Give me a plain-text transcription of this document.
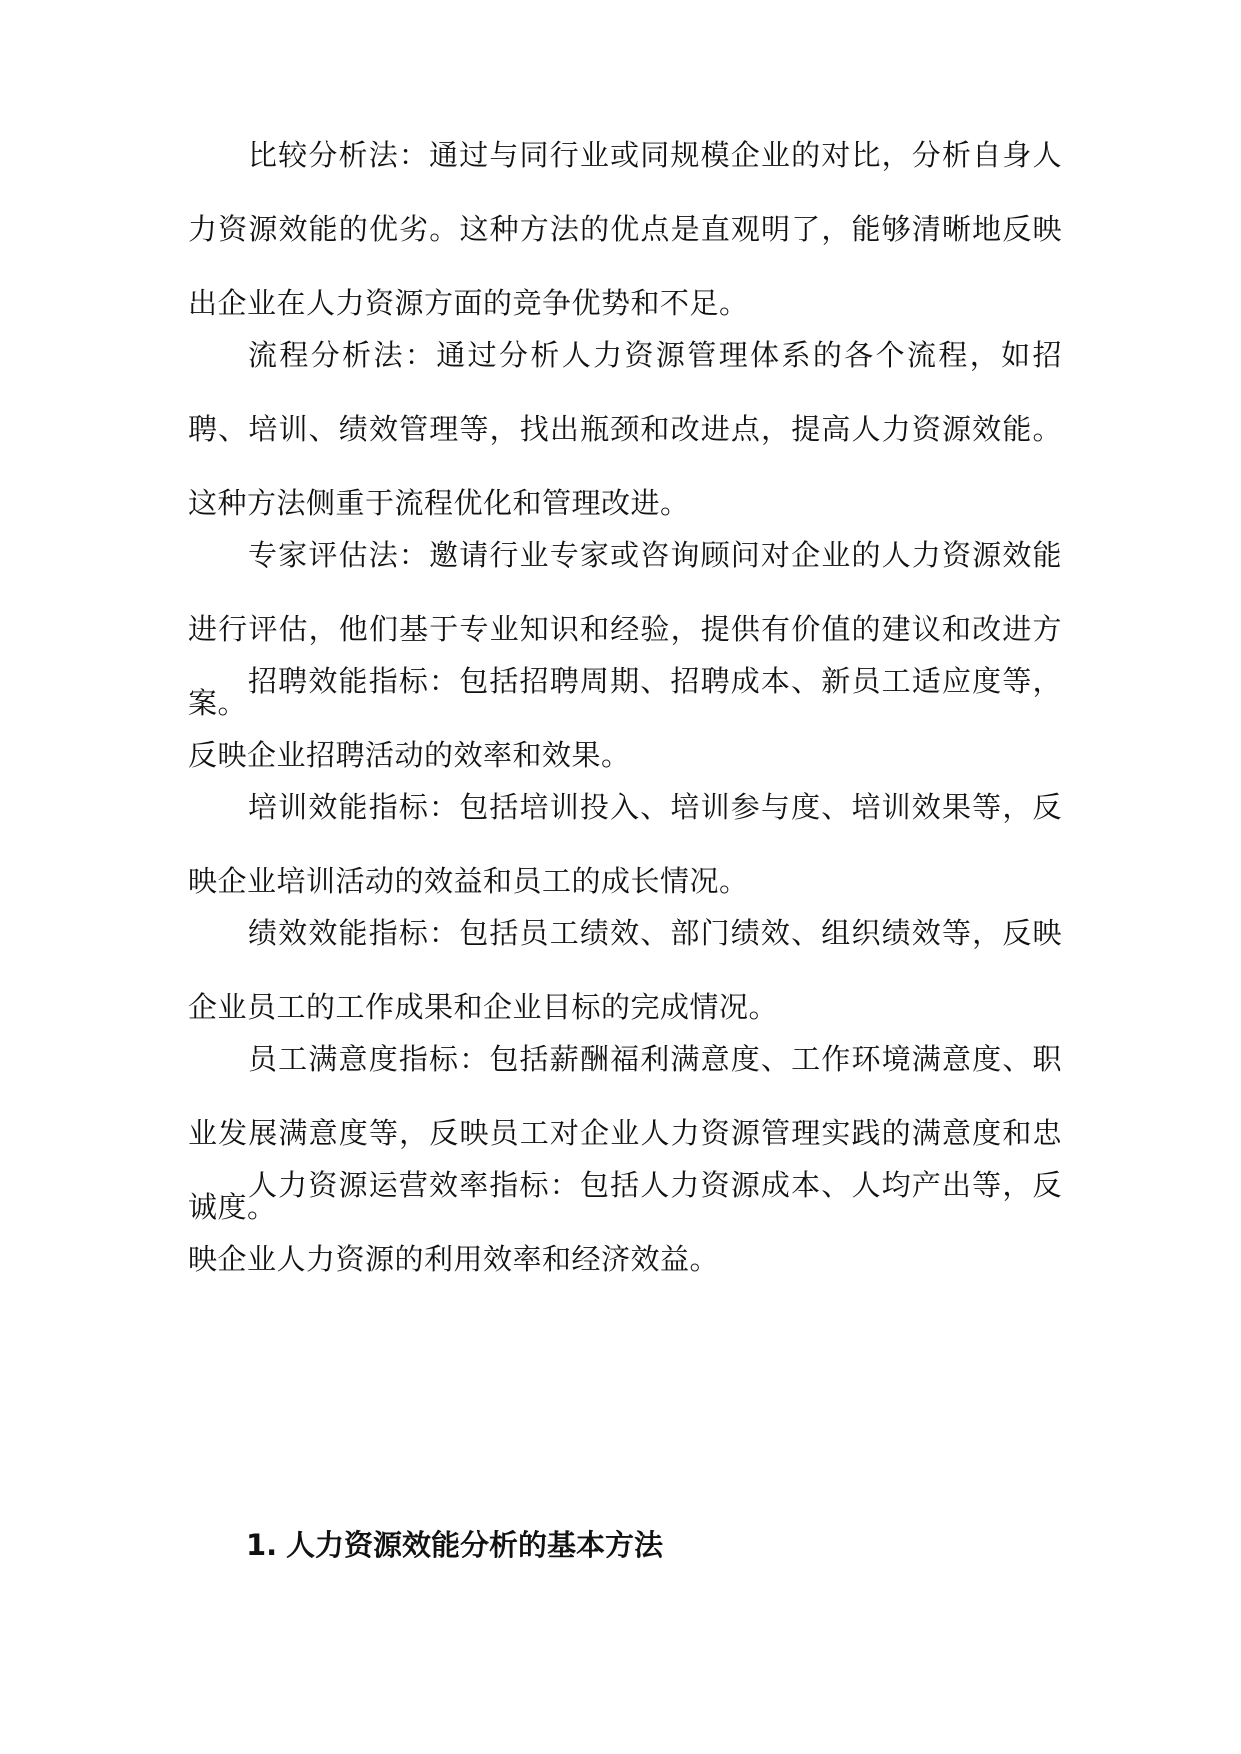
比较分析法：通过与同行业或同规模企业的对比，分析自身人力资源效能的优劣。这种方法的优点是直观明了，能够清晰地反映出企业在人力资源方面的竞争优势和不足。

流程分析法：通过分析人力资源管理体系的各个流程，如招聘、培训、绩效管理等，找出瓶颈和改进点，提高人力资源效能。这种方法侧重于流程优化和管理改进。

专家评估法：邀请行业专家或咨询顾问对企业的人力资源效能进行评估，他们基于专业知识和经验，提供有价值的建议和改进方案。

招聘效能指标：包括招聘周期、招聘成本、新员工适应度等，反映企业招聘活动的效率和效果。

培训效能指标：包括培训投入、培训参与度、培训效果等，反映企业培训活动的效益和员工的成长情况。

绩效效能指标：包括员工绩效、部门绩效、组织绩效等，反映企业员工的工作成果和企业目标的完成情况。

员工满意度指标：包括薪酬福利满意度、工作环境满意度、职业发展满意度等，反映员工对企业人力资源管理实践的满意度和忠诚度。

人力资源运营效率指标：包括人力资源成本、人均产出等，反映企业人力资源的利用效率和经济效益。

1. 人力资源效能分析的基本方法
